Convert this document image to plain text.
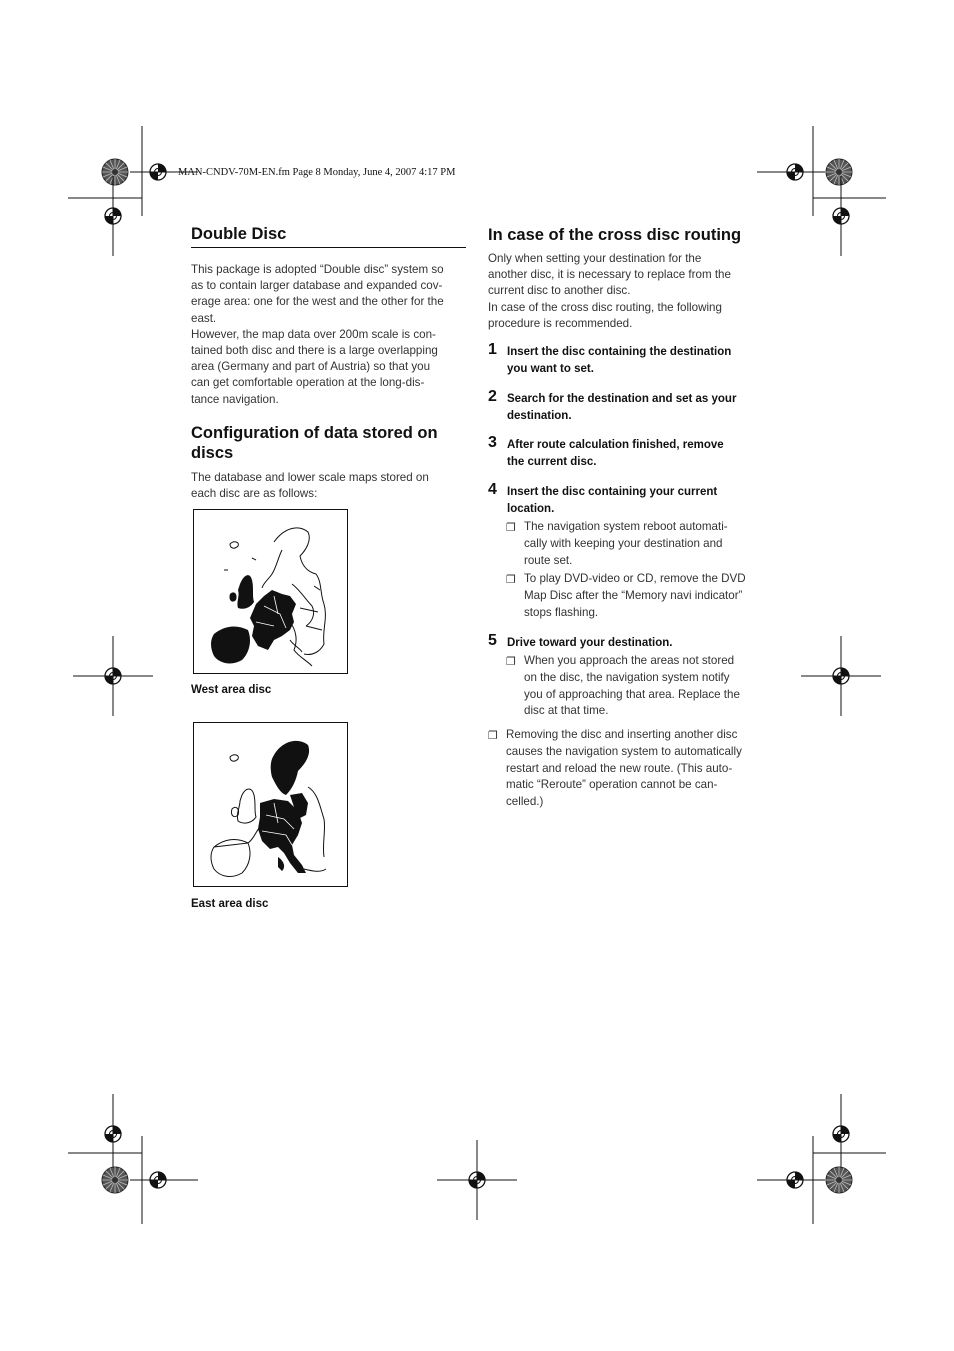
MAN-CNDV-70M-EN.fm Page 8 Monday, June 4, 2007 4:17 PM
Double Disc

This package is adopted “Double disc” system so

as to contain larger database and expanded cov-

erage area: one for the west and the other for the

east.

However, the map data over 200m scale is con-

tained both disc and there is a large overlapping

area (Germany and part of Austria) so that you

can get comfortable operation at the long-dis-

tance navigation.

Configuration of data stored on
discs

The database and lower scale maps stored on

each disc are as follows:

West area disc
East area disc
In case of the cross disc routing

Only when setting your destination for the

another disc, it is necessary to replace from the

current disc to another disc.

In case of the cross disc routing, the following

procedure is recommended.

1 Insert the disc containing the destination
you want to set.
2 Search for the destination and set as your
destination.
3 After route calculation finished, remove
the current disc.
4 Insert the disc containing your current
location.
❐ The navigation system reboot automati-
cally with keeping your destination and
route set.
❐ To play DVD-video or CD, remove the DVD
Map Disc after the “Memory navi indicator”
stops flashing.
5 Drive toward your destination.
❐ When you approach the areas not stored
on the disc, the navigation system notify
you of approaching that area. Replace the
disc at that time.
❐ Removing the disc and inserting another disc
causes the navigation system to automatically
restart and reload the new route. (This auto-
matic “Reroute” operation cannot be can-
celled.)
